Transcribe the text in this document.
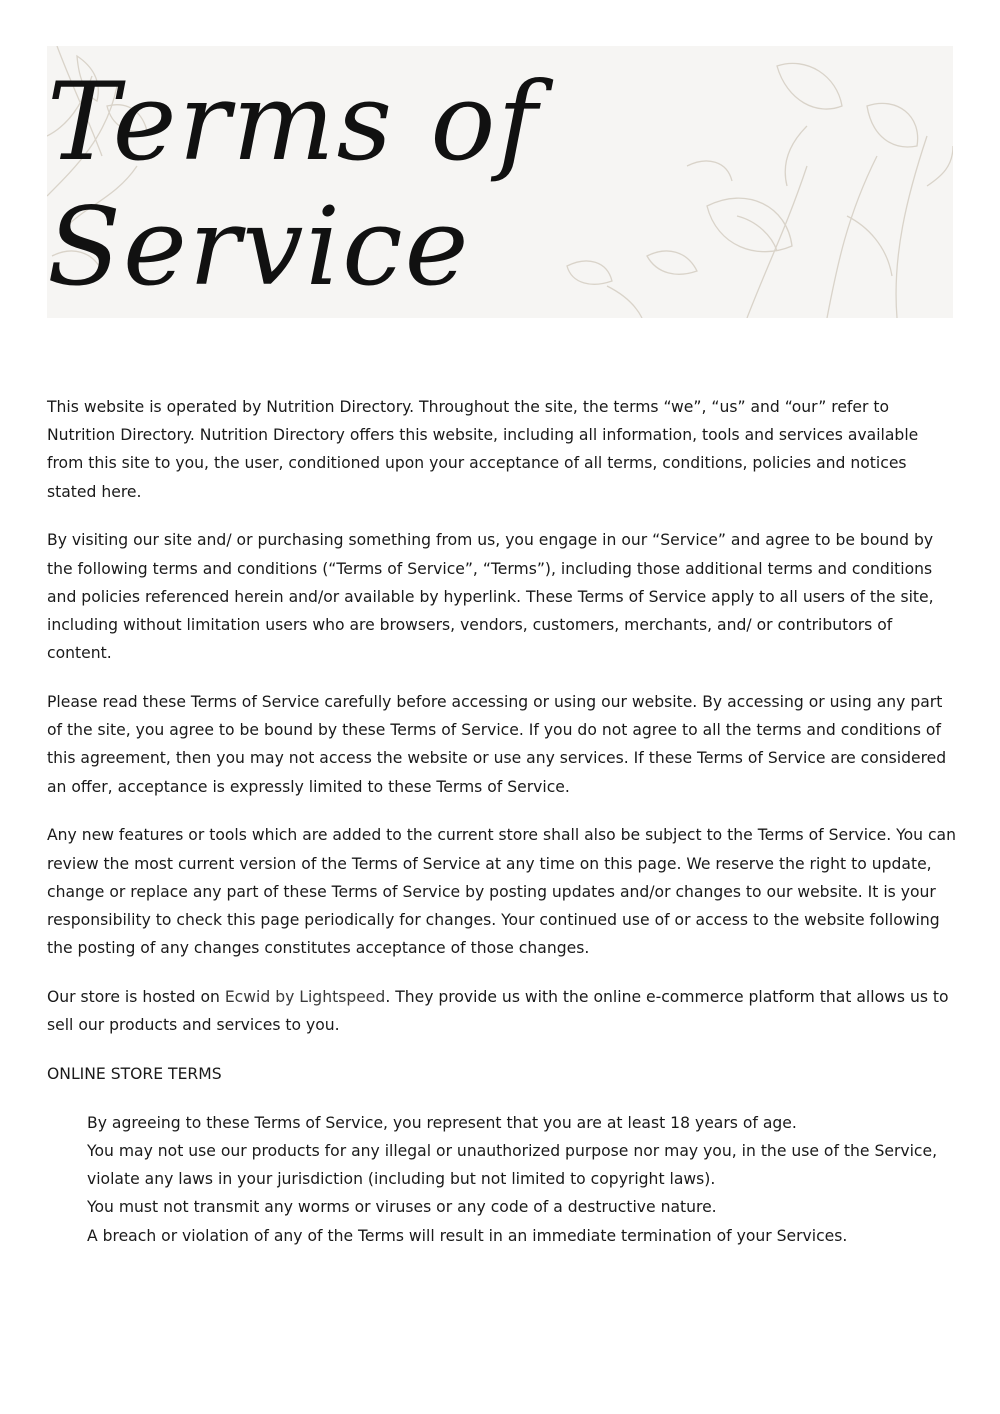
Terms of Service

This website is operated by Nutrition Directory. Throughout the site, the terms “we”, “us” and “our” refer to Nutrition Directory. Nutrition Directory offers this website, including all information, tools and services available from this site to you, the user, conditioned upon your acceptance of all terms, conditions, policies and notices stated here.

By visiting our site and/ or purchasing something from us, you engage in our “Service” and agree to be bound by the following terms and conditions (“Terms of Service”, “Terms”), including those additional terms and conditions and policies referenced herein and/or available by hyperlink. These Terms of Service apply to all users of the site, including without limitation users who are browsers, vendors, customers, merchants, and/ or contributors of content.

Please read these Terms of Service carefully before accessing or using our website. By accessing or using any part of the site, you agree to be bound by these Terms of Service. If you do not agree to all the terms and conditions of this agreement, then you may not access the website or use any services. If these Terms of Service are considered an offer, acceptance is expressly limited to these Terms of Service.

Any new features or tools which are added to the current store shall also be subject to the Terms of Service. You can review the most current version of the Terms of Service at any time on this page. We reserve the right to update, change or replace any part of these Terms of Service by posting updates and/or changes to our website. It is your responsibility to check this page periodically for changes. Your continued use of or access to the website following the posting of any changes constitutes acceptance of those changes.

Our store is hosted on Ecwid by Lightspeed. They provide us with the online e-commerce platform that allows us to sell our products and services to you.

ONLINE STORE TERMS
By agreeing to these Terms of Service, you represent that you are at least 18 years of age.
You may not use our products for any illegal or unauthorized purpose nor may you, in the use of the Service, violate any laws in your jurisdiction (including but not limited to copyright laws).
You must not transmit any worms or viruses or any code of a destructive nature.
A breach or violation of any of the Terms will result in an immediate termination of your Services.
